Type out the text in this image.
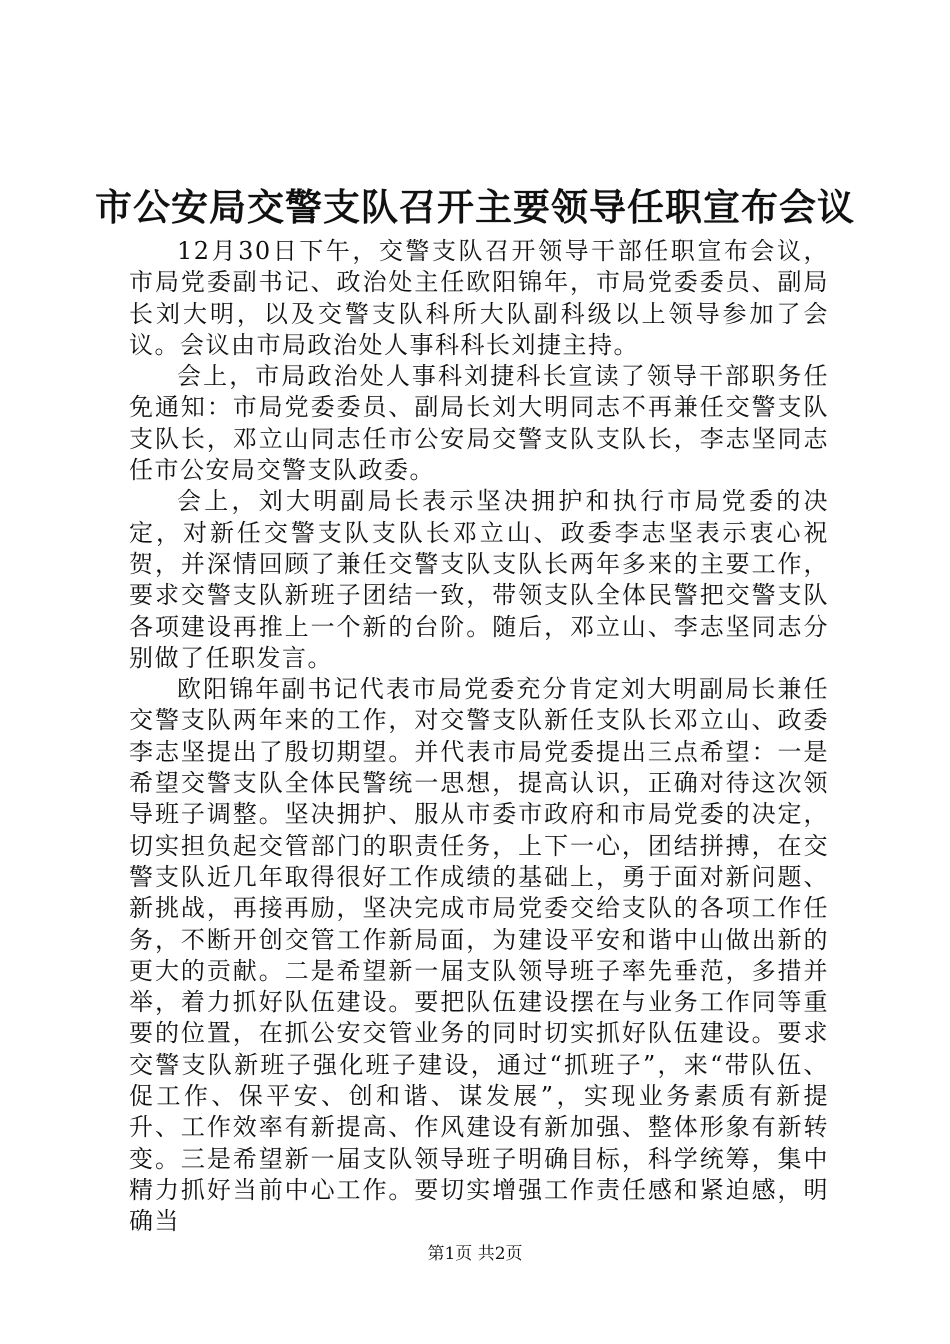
市公安局交警支队召开主要领导任职宣布会议

12月30日下午，交警支队召开领导干部任职宣布会议，市局党委副书记、政治处主任欧阳锦年，市局党委委员、副局长刘大明，以及交警支队科所大队副科级以上领导参加了会议。会议由市局政治处人事科科长刘捷主持。

会上，市局政治处人事科刘捷科长宣读了领导干部职务任免通知：市局党委委员、副局长刘大明同志不再兼任交警支队支队长，邓立山同志任市公安局交警支队支队长，李志坚同志任市公安局交警支队政委。

会上，刘大明副局长表示坚决拥护和执行市局党委的决定，对新任交警支队支队长邓立山、政委李志坚表示衷心祝贺，并深情回顾了兼任交警支队支队长两年多来的主要工作，要求交警支队新班子团结一致，带领支队全体民警把交警支队各项建设再推上一个新的台阶。随后，邓立山、李志坚同志分别做了任职发言。

欧阳锦年副书记代表市局党委充分肯定刘大明副局长兼任交警支队两年来的工作，对交警支队新任支队长邓立山、政委李志坚提出了殷切期望。并代表市局党委提出三点希望：一是希望交警支队全体民警统一思想，提高认识，正确对待这次领导班子调整。坚决拥护、服从市委市政府和市局党委的决定，切实担负起交管部门的职责任务，上下一心，团结拼搏，在交警支队近几年取得很好工作成绩的基础上，勇于面对新问题、新挑战，再接再励，坚决完成市局党委交给支队的各项工作任务，不断开创交管工作新局面，为建设平安和谐中山做出新的更大的贡献。二是希望新一届支队领导班子率先垂范，多措并举，着力抓好队伍建设。要把队伍建设摆在与业务工作同等重要的位置，在抓公安交管业务的同时切实抓好队伍建设。要求交警支队新班子强化班子建设，通过“抓班子”，来“带队伍、促工作、保平安、创和谐、谋发展”，实现业务素质有新提升、工作效率有新提高、作风建设有新加强、整体形象有新转变。三是希望新一届支队领导班子明确目标，科学统筹，集中精力抓好当前中心工作。要切实增强工作责任感和紧迫感，明确当

第1页 共2页
